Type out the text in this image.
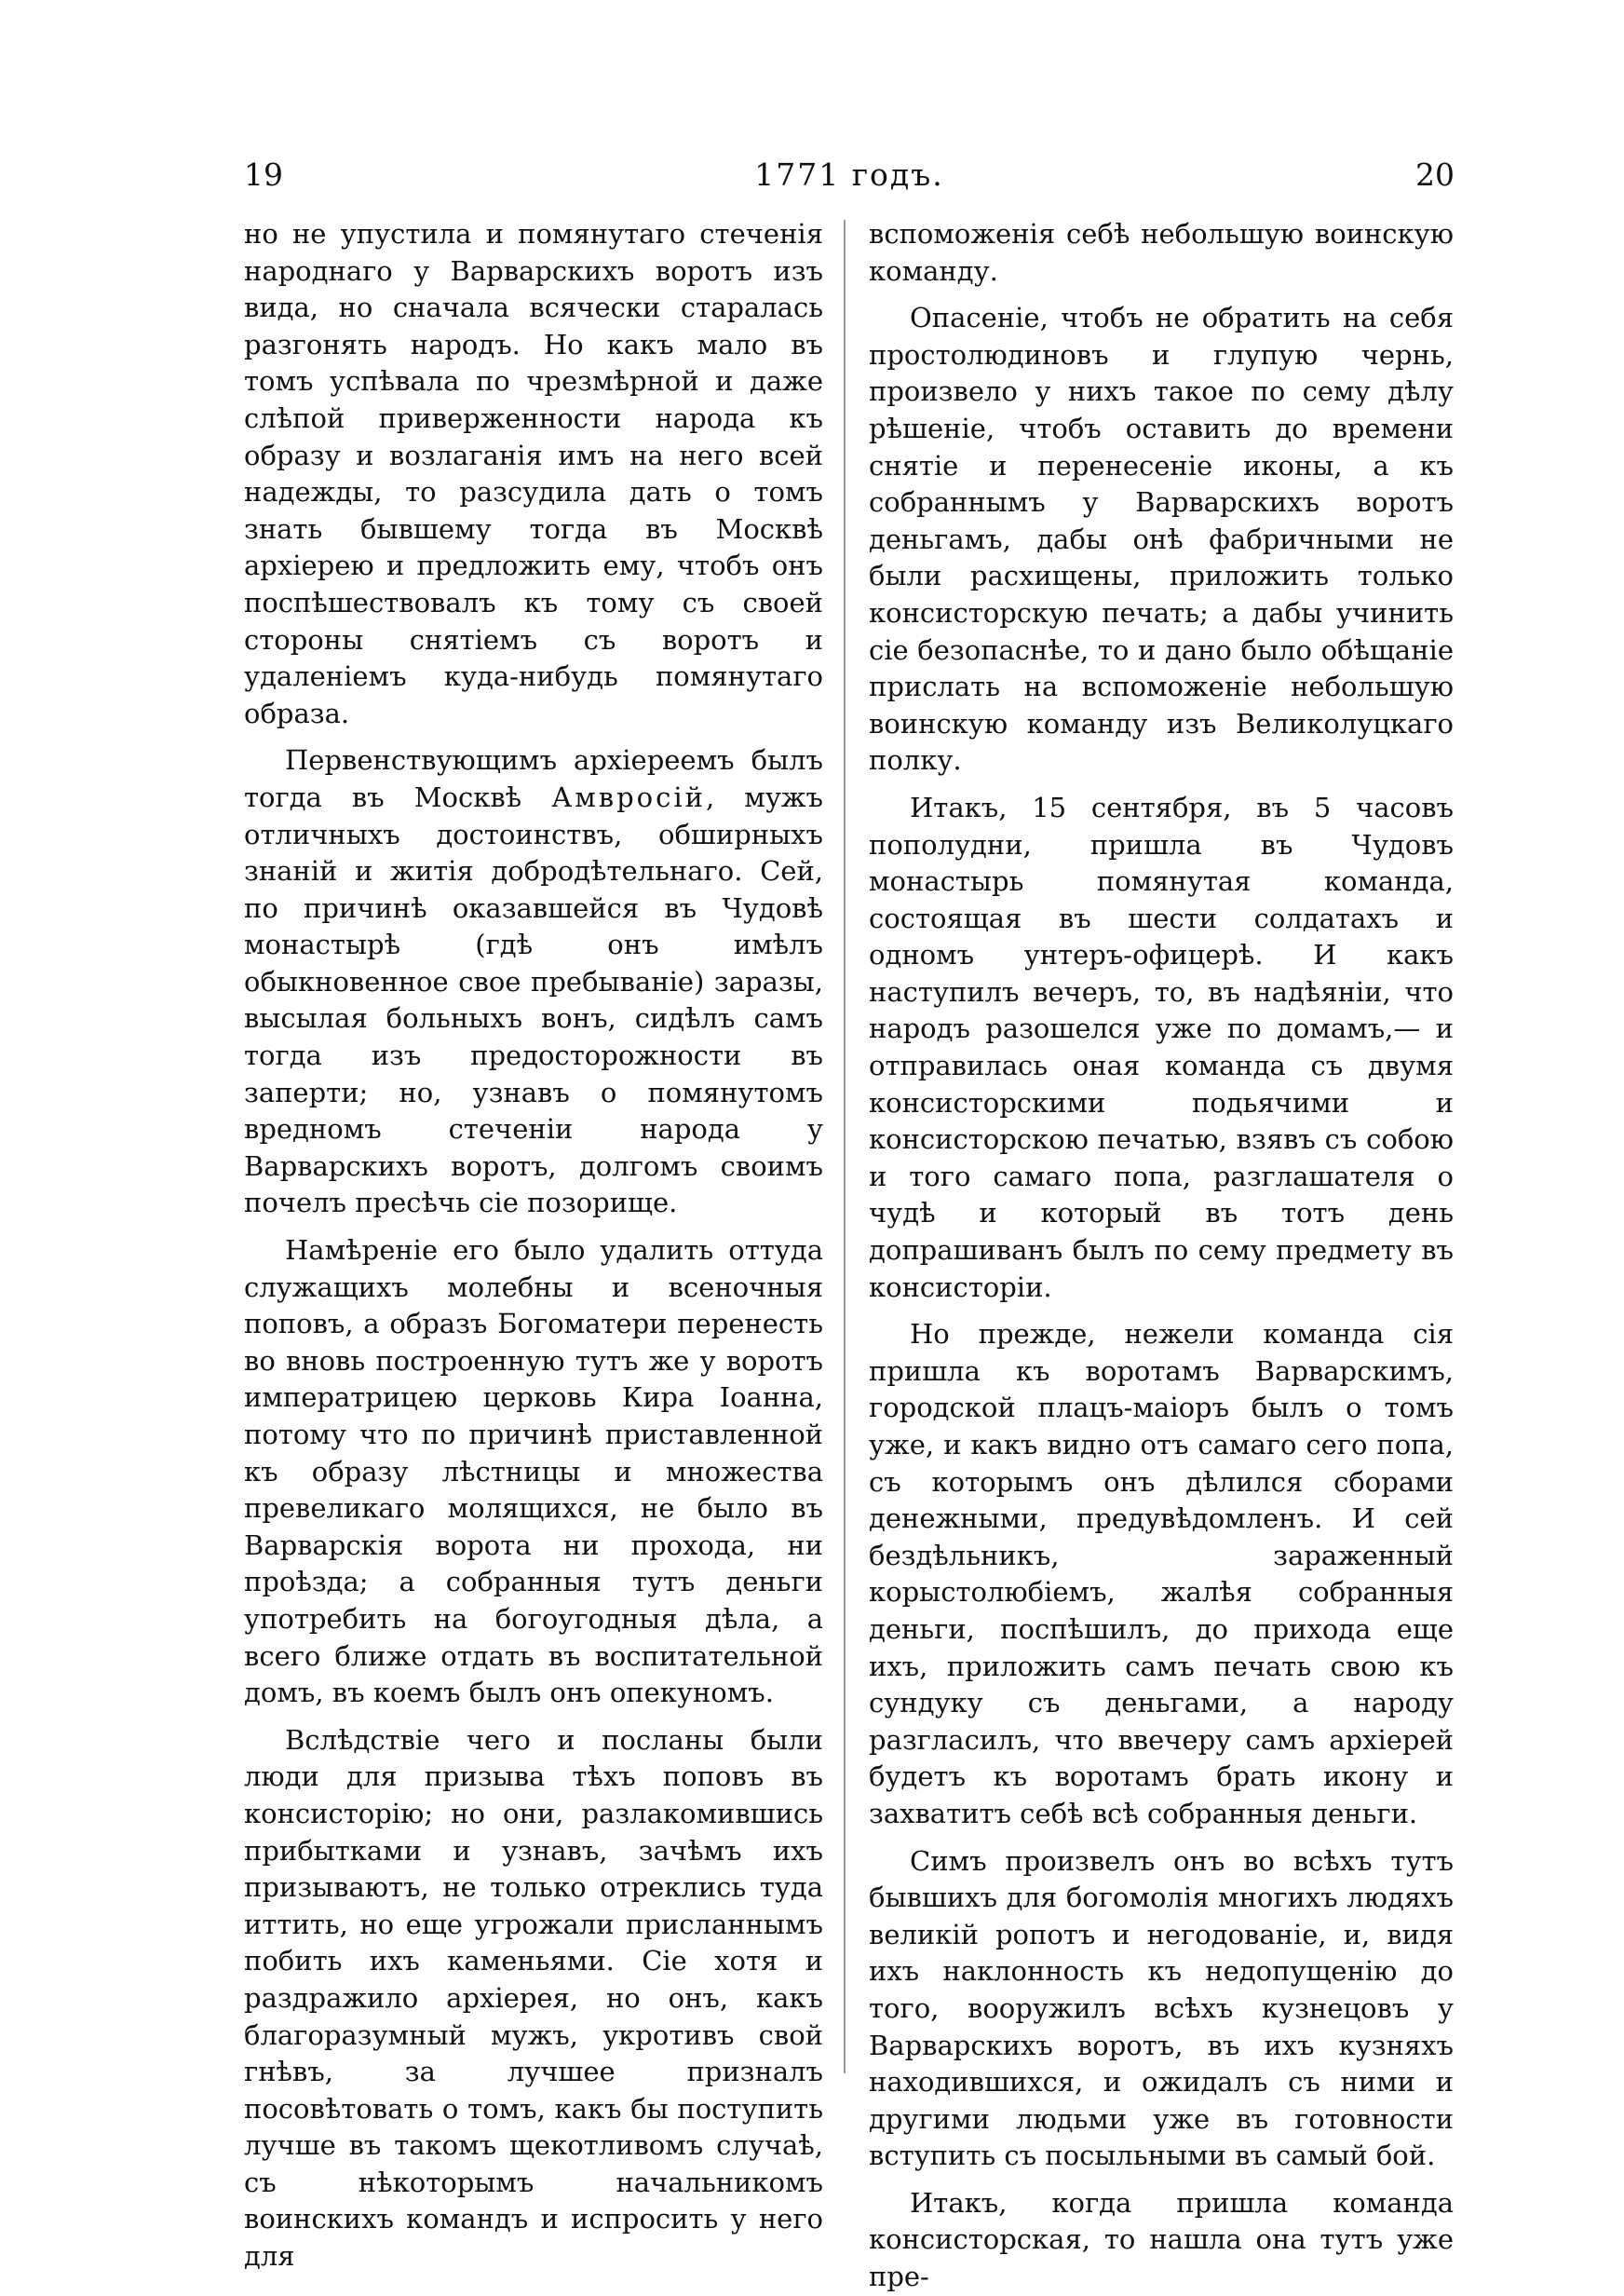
19	1771 годъ.	20

но не упустила и помянутаго стеченія народнаго у Варварскихъ воротъ изъ вида, но сначала всячески старалась разгонять народъ. Но какъ мало въ томъ успѣвала по чрезмѣрной и даже слѣпой приверженности народа къ образу и возлаганія имъ на него всей надежды, то разсудила дать о томъ знать бывшему тогда въ Москвѣ архіерею и предложить ему, чтобъ онъ поспѣшествовалъ къ тому съ своей стороны снятіемъ съ воротъ и удаленіемъ куда-нибудь помянутаго образа.

Первенствующимъ архіереемъ былъ тогда въ Москвѣ Амвросій, мужъ отличныхъ достоинствъ, обширныхъ знаній и житія добродѣтельнаго. Сей, по причинѣ оказавшейся въ Чудовѣ монастырѣ (гдѣ онъ имѣлъ обыкновенное свое пребываніе) заразы, высылая больныхъ вонъ, сидѣлъ самъ тогда изъ предосторожности въ заперти; но, узнавъ о помянутомъ вредномъ стеченіи народа у Варварскихъ воротъ, долгомъ своимъ почелъ пресѣчь сіе позорище.

Намѣреніе его было удалить оттуда служащихъ молебны и всеночныя поповъ, а образъ Богоматери перенесть во вновь построенную тутъ же у воротъ императрицею церковь Кира Іоанна, потому что по причинѣ приставленной къ образу лѣстницы и множества превеликаго молящихся, не было въ Варварскія ворота ни прохода, ни проѣзда; а собранныя тутъ деньги употребить на богоугодныя дѣла, а всего ближе отдать въ воспитательной домъ, въ коемъ былъ онъ опекуномъ.

Вслѣдствіе чего и посланы были люди для призыва тѣхъ поповъ въ консисторію; но они, разлакомившись прибытками и узнавъ, зачѣмъ ихъ призываютъ, не только отреклись туда иттить, но еще угрожали присланнымъ побить ихъ каменьями. Сіе хотя и раздражило архіерея, но онъ, какъ благоразумный мужъ, укротивъ свой гнѣвъ, за лучшее призналъ посовѣтовать о томъ, какъ бы поступить лучше въ такомъ щекотливомъ случаѣ, съ нѣкоторымъ начальникомъ воинскихъ командъ и испросить у него для

вспоможенія себѣ небольшую воинскую команду.

Опасеніе, чтобъ не обратить на себя простолюдиновъ и глупую чернь, произвело у нихъ такое по сему дѣлу рѣшеніе, чтобъ оставить до времени снятіе и перенесеніе иконы, а къ собраннымъ у Варварскихъ воротъ деньгамъ, дабы онѣ фабричными не были расхищены, приложить только консисторскую печать; а дабы учинить сіе безопаснѣе, то и дано было обѣщаніе прислать на вспоможеніе небольшую воинскую команду изъ Великолуцкаго полку.

Итакъ, 15 сентября, въ 5 часовъ пополудни, пришла въ Чудовъ монастырь помянутая команда, состоящая въ шести солдатахъ и одномъ унтеръ-офицерѣ. И какъ наступилъ вечеръ, то, въ надѣяніи, что народъ разошелся уже по домамъ,— и отправилась оная команда съ двумя консисторскими подьячими и консисторскою печатью, взявъ съ собою и того самаго попа, разглашателя о чудѣ и который въ тотъ день допрашиванъ былъ по сему предмету въ консисторіи.

Но прежде, нежели команда сія пришла къ воротамъ Варварскимъ, городской плацъ-маіоръ былъ о томъ уже, и какъ видно отъ самаго сего попа, съ которымъ онъ дѣлился сборами денежными, предувѣдомленъ. И сей бездѣльникъ, зараженный корыстолюбіемъ, жалѣя собранныя деньги, поспѣшилъ, до прихода еще ихъ, приложить самъ печать свою къ сундуку съ деньгами, а народу разгласилъ, что ввечеру самъ архіерей будетъ къ воротамъ брать икону и захватитъ себѣ всѣ собранныя деньги.

Симъ произвелъ онъ во всѣхъ тутъ бывшихъ для богомолія многихъ людяхъ великій ропотъ и негодованіе, и, видя ихъ наклонность къ недопущенію до того, вооружилъ всѣхъ кузнецовъ у Варварскихъ воротъ, въ ихъ кузняхъ находившихся, и ожидалъ съ ними и другими людьми уже въ готовности вступить съ посыльными въ самый бой.

Итакъ, когда пришла команда консисторская, то нашла она тутъ уже пре-
